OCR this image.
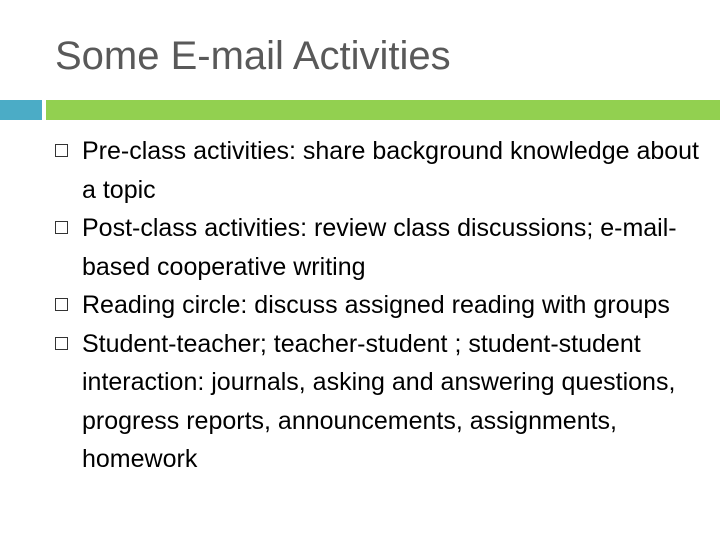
Some E-mail Activities
Pre-class activities: share background knowledge about a topic
Post-class activities: review class discussions; e-mail-based cooperative writing
Reading circle: discuss assigned reading with groups
Student-teacher; teacher-student ; student-student interaction: journals, asking and answering questions, progress reports, announcements, assignments, homework
